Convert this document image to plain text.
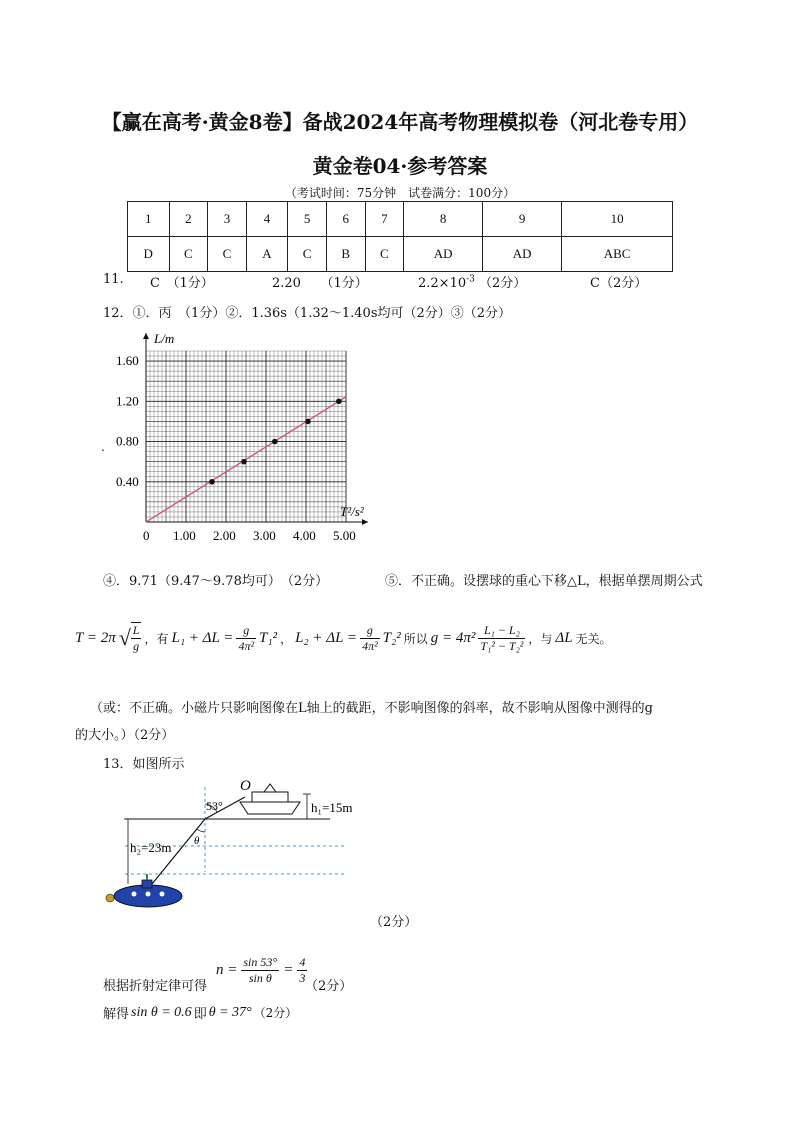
【赢在高考·黄金8卷】备战2024年高考物理模拟卷（河北卷专用）
黄金卷04·参考答案
（考试时间：75分钟　试卷满分：100分）
1	2	3	4	5	6	7	8	9	10
D	C	C	A	C	B	C	AD	AD	ABC
11. C　（1分）	2.20　　（1分）	$2.2\times 10^{-3}$ （2分）	C（2分）
12．①．丙　（1分）②．1.36s（1.32～1.40s均可（2分）③（2分）
L/m
T²/s²
0 1.00 2.00 3.00 4.00 5.00
0.40
0.80
1.20
1.60
.
④．9.71（9.47～9.78均可）　（2分）	⑤．不正确。设摆球的重心下移△L，根据单摆周期公式
T = 2π √ $\frac{L}{g}$ ，有 $L_1 + \Delta L = \frac{g}{\text{4π²}} T_1^2$ ， $L_2 + \Delta L = \frac{g}{\text{4π²}} T_2^2$ 所以 $g = 4\pi^2 \frac{\text{L₁ − L₂}}{\text{T₁² − T₂²}}$ ，与 ΔL 无关。
（或：不正确。小磁片只影响图像在L轴上的截距，不影响图像的斜率，故不影响从图像中测得的g
的大小。）（2分）
13．如图所示
53°
θ
O
h₁=15m
h₂=23m
（2分）
根据折射定律可得
$n = \frac{\sin 53^\circ}{\text{sin θ}} = \frac{4}{3}$
（2分）
解得 sin θ = 0.6 即 θ = 37° （2分）
